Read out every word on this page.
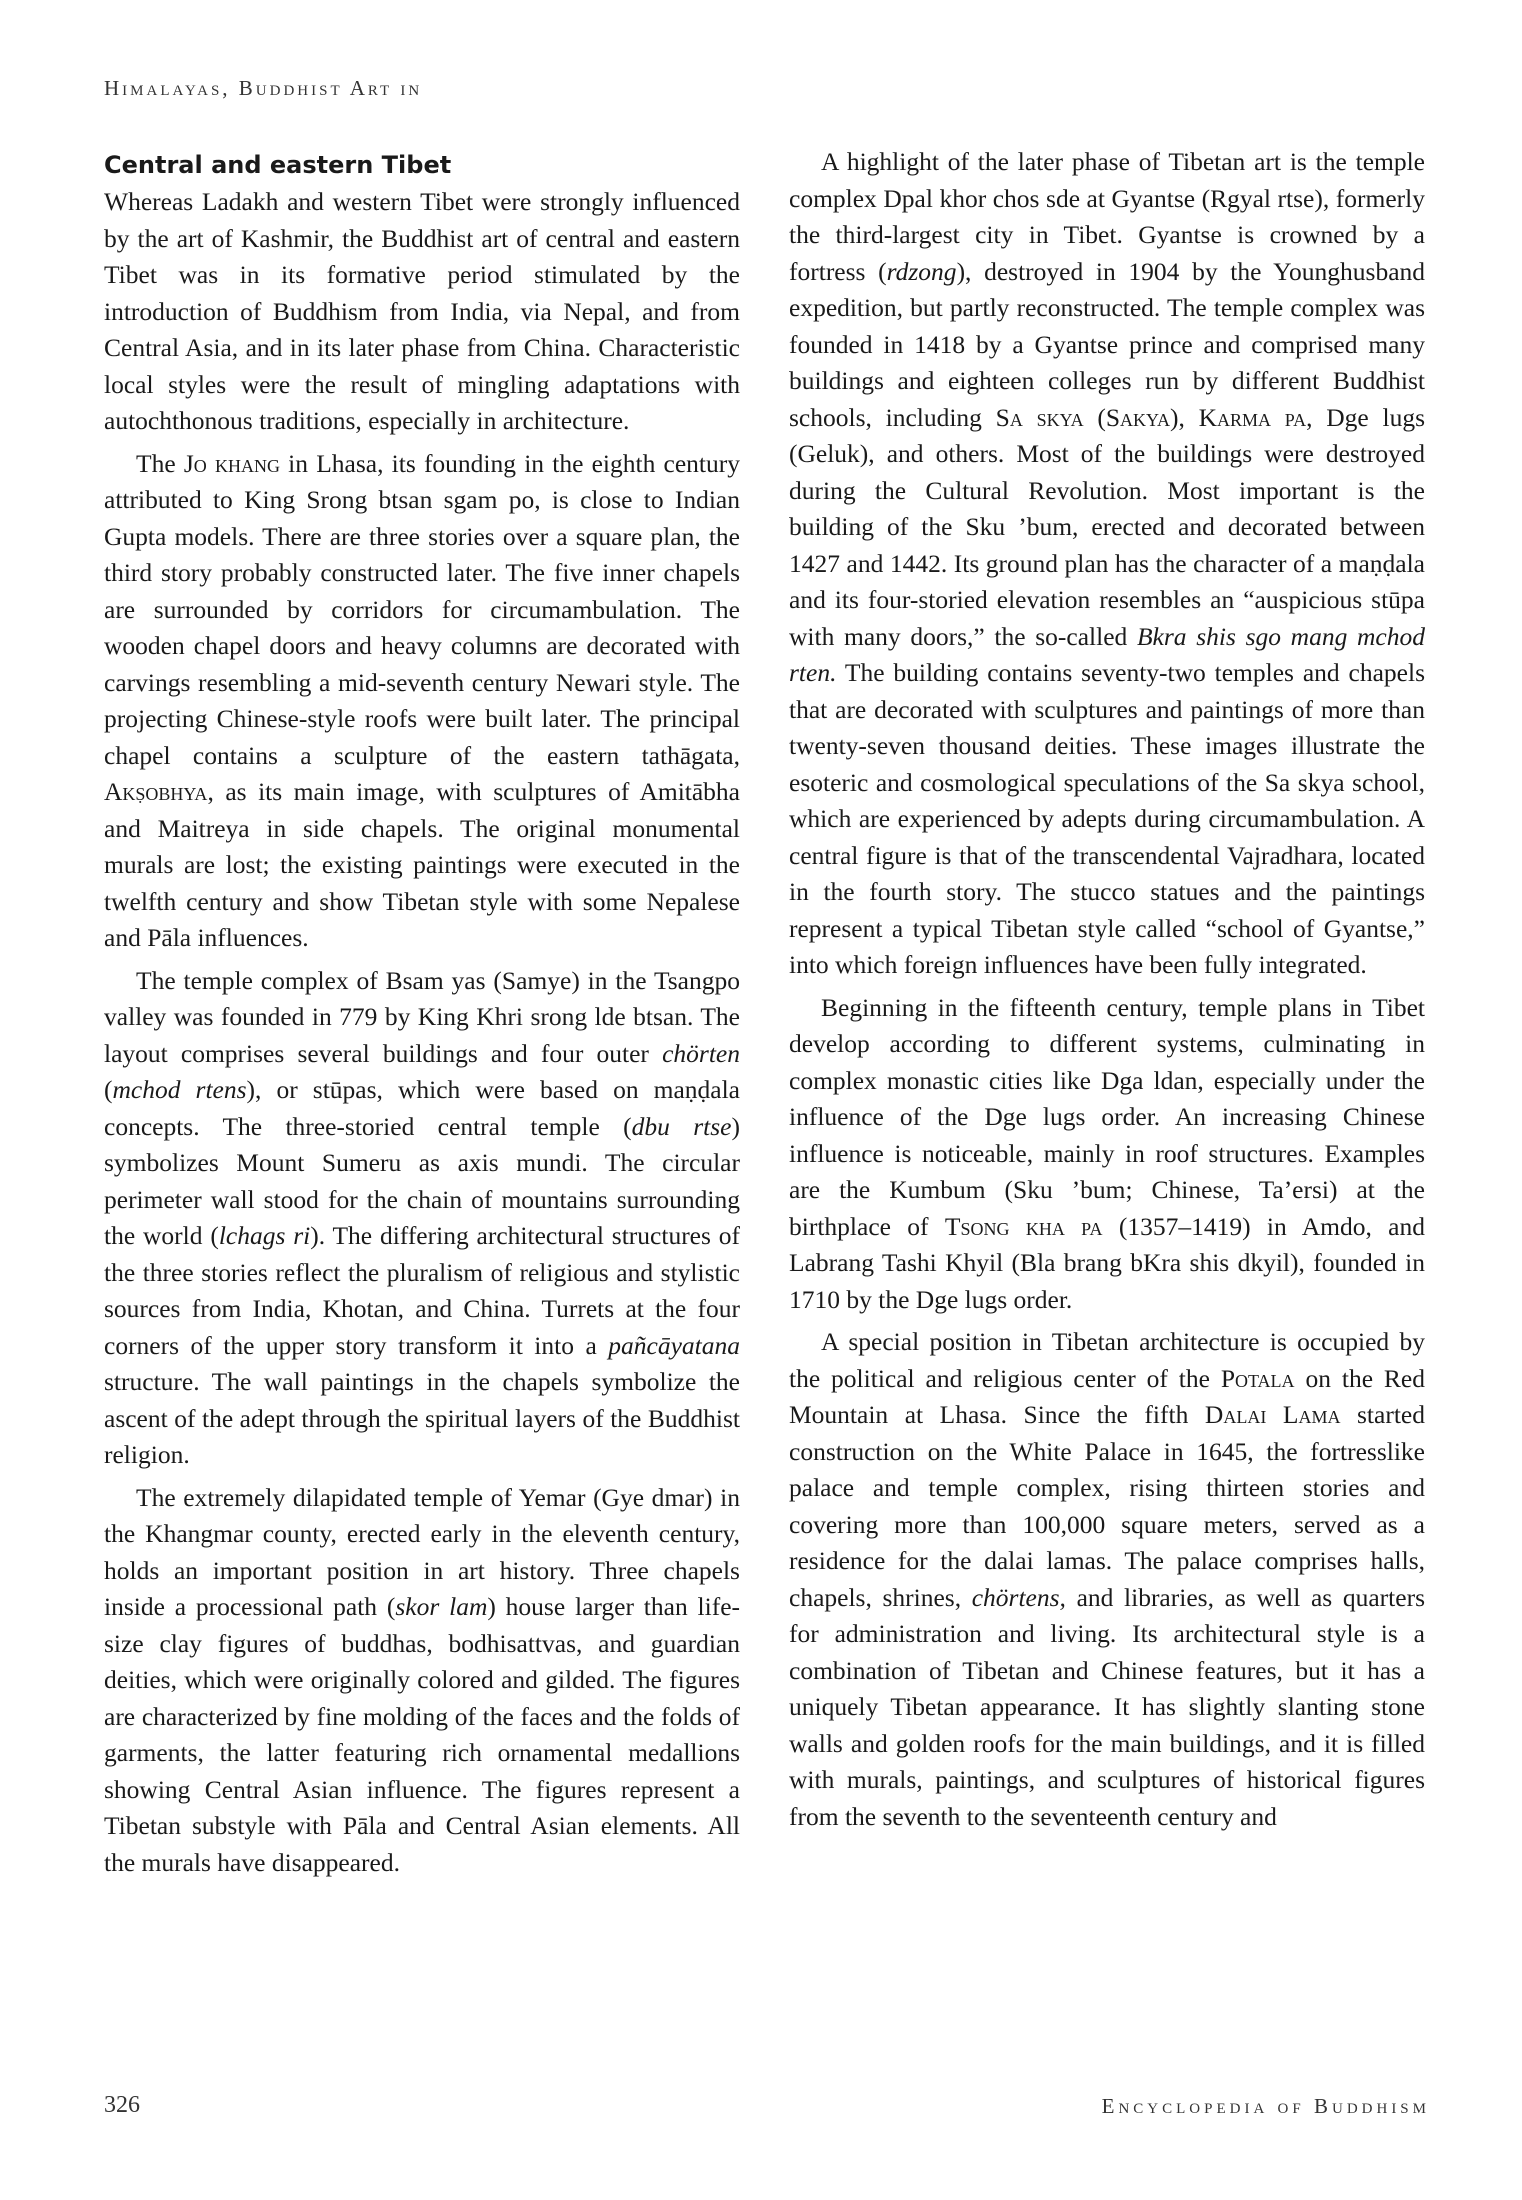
Himalayas, Buddhist Art in
Central and eastern Tibet

Whereas Ladakh and western Tibet were strongly influenced by the art of Kashmir, the Buddhist art of central and eastern Tibet was in its formative period stimulated by the introduction of Buddhism from India, via Nepal, and from Central Asia, and in its later phase from China. Characteristic local styles were the result of mingling adaptations with autochthonous traditions, especially in architecture.

The Jo khang in Lhasa, its founding in the eighth century attributed to King Srong btsan sgam po, is close to Indian Gupta models. There are three stories over a square plan, the third story probably constructed later. The five inner chapels are surrounded by corridors for circumambulation. The wooden chapel doors and heavy columns are decorated with carvings resembling a mid-seventh century Newari style. The projecting Chinese-style roofs were built later. The principal chapel contains a sculpture of the eastern tathāgata, Akṣobhya, as its main image, with sculptures of Amitābha and Maitreya in side chapels. The original monumental murals are lost; the existing paintings were executed in the twelfth century and show Tibetan style with some Nepalese and Pāla influences.

The temple complex of Bsam yas (Samye) in the Tsangpo valley was founded in 779 by King Khri srong lde btsan. The layout comprises several buildings and four outer chörten (mchod rtens), or stūpas, which were based on maṇḍala concepts. The three-storied central temple (dbu rtse) symbolizes Mount Sumeru as axis mundi. The circular perimeter wall stood for the chain of mountains surrounding the world (lchags ri). The differing architectural structures of the three stories reflect the pluralism of religious and stylistic sources from India, Khotan, and China. Turrets at the four corners of the upper story transform it into a pañcāyatana structure. The wall paintings in the chapels symbolize the ascent of the adept through the spiritual layers of the Buddhist religion.

The extremely dilapidated temple of Yemar (Gye dmar) in the Khangmar county, erected early in the eleventh century, holds an important position in art history. Three chapels inside a processional path (skor lam) house larger than life-size clay figures of buddhas, bodhisattvas, and guardian deities, which were originally colored and gilded. The figures are characterized by fine molding of the faces and the folds of garments, the latter featuring rich ornamental medallions showing Central Asian influence. The figures represent a Tibetan substyle with Pāla and Central Asian elements. All the murals have disappeared.

A highlight of the later phase of Tibetan art is the temple complex Dpal khor chos sde at Gyantse (Rgyal rtse), formerly the third-largest city in Tibet. Gyantse is crowned by a fortress (rdzong), destroyed in 1904 by the Younghusband expedition, but partly reconstructed. The temple complex was founded in 1418 by a Gyantse prince and comprised many buildings and eighteen colleges run by different Buddhist schools, including Sa skya (Sakya), Karma pa, Dge lugs (Geluk), and others. Most of the buildings were destroyed during the Cultural Revolution. Most important is the building of the Sku ’bum, erected and decorated between 1427 and 1442. Its ground plan has the character of a maṇḍala and its four-storied elevation resembles an “auspicious stūpa with many doors,” the so-called Bkra shis sgo mang mchod rten. The building contains seventy-two temples and chapels that are decorated with sculptures and paintings of more than twenty-seven thousand deities. These images illustrate the esoteric and cosmological speculations of the Sa skya school, which are experienced by adepts during circumambulation. A central figure is that of the transcendental Vajradhara, located in the fourth story. The stucco statues and the paintings represent a typical Tibetan style called “school of Gyantse,” into which foreign influences have been fully integrated.

Beginning in the fifteenth century, temple plans in Tibet develop according to different systems, culminating in complex monastic cities like Dga ldan, especially under the influence of the Dge lugs order. An increasing Chinese influence is noticeable, mainly in roof structures. Examples are the Kumbum (Sku ’bum; Chinese, Ta’ersi) at the birthplace of Tsong kha pa (1357–1419) in Amdo, and Labrang Tashi Khyil (Bla brang bKra shis dkyil), founded in 1710 by the Dge lugs order.

A special position in Tibetan architecture is occupied by the political and religious center of the Potala on the Red Mountain at Lhasa. Since the fifth Dalai Lama started construction on the White Palace in 1645, the fortresslike palace and temple complex, rising thirteen stories and covering more than 100,000 square meters, served as a residence for the dalai lamas. The palace comprises halls, chapels, shrines, chörtens, and libraries, as well as quarters for administration and living. Its architectural style is a combination of Tibetan and Chinese features, but it has a uniquely Tibetan appearance. It has slightly slanting stone walls and golden roofs for the main buildings, and it is filled with murals, paintings, and sculptures of historical figures from the seventh to the seventeenth century and

326	Encyclopedia of Buddhism
